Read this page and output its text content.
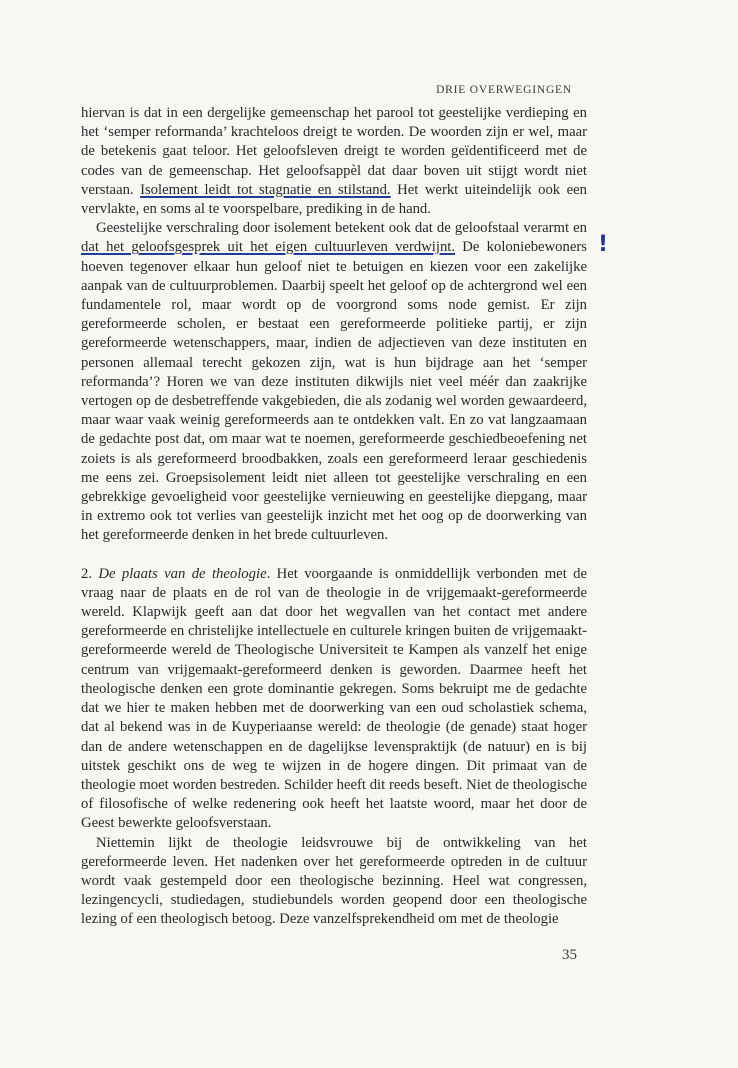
DRIE OVERWEGINGEN

hiervan is dat in een dergelijke gemeenschap het parool tot geestelijke verdieping en het ‘semper reformanda’ krachteloos dreigt te worden. De woorden zijn er wel, maar de betekenis gaat teloor. Het geloofsleven dreigt te worden geïdentificeerd met de codes van de gemeenschap. Het geloofsappèl dat daar boven uit stijgt wordt niet verstaan. Isolement leidt tot stagnatie en stilstand. Het werkt uiteindelijk ook een vervlakte, en soms al te voorspelbare, prediking in de hand.

Geestelijke verschraling door isolement betekent ook dat de geloofstaal verarmt en dat het geloofsgesprek uit het eigen cultuurleven verdwijnt. De koloniebewoners hoeven tegenover elkaar hun geloof niet te betuigen en kiezen voor een zakelijke aanpak van de cultuurproblemen. Daarbij speelt het geloof op de achtergrond wel een fundamentele rol, maar wordt op de voorgrond soms node gemist. Er zijn gereformeerde scholen, er bestaat een gereformeerde politieke partij, er zijn gereformeerde wetenschappers, maar, indien de adjectieven van deze instituten en personen allemaal terecht gekozen zijn, wat is hun bijdrage aan het ‘semper reformanda’? Horen we van deze instituten dikwijls niet veel méér dan zaakrijke vertogen op de desbetreffende vakgebieden, die als zodanig wel worden gewaardeerd, maar waar vaak weinig gereformeerds aan te ontdekken valt. En zo vat langzaamaan de gedachte post dat, om maar wat te noemen, gereformeerde geschiedbeoefening net zoiets is als gereformeerd broodbakken, zoals een gereformeerd leraar geschiedenis me eens zei. Groepsisolement leidt niet alleen tot geestelijke verschraling en een gebrekkige gevoeligheid voor geestelijke vernieuwing en geestelijke diepgang, maar in extremo ook tot verlies van geestelijk inzicht met het oog op de doorwerking van het gereformeerde denken in het brede cultuurleven.

2. De plaats van de theologie. Het voorgaande is onmiddellijk verbonden met de vraag naar de plaats en de rol van de theologie in de vrijgemaakt-gereformeerde wereld. Klapwijk geeft aan dat door het wegvallen van het contact met andere gereformeerde en christelijke intellectuele en culturele kringen buiten de vrijgemaakt-gereformeerde wereld de Theologische Universiteit te Kampen als vanzelf het enige centrum van vrijgemaakt-gereformeerd denken is geworden. Daarmee heeft het theologische denken een grote dominantie gekregen. Soms bekruipt me de gedachte dat we hier te maken hebben met de doorwerking van een oud scholastiek schema, dat al bekend was in de Kuyperiaanse wereld: de theologie (de genade) staat hoger dan de andere wetenschappen en de dagelijkse levenspraktijk (de natuur) en is bij uitstek geschikt ons de weg te wijzen in de hogere dingen. Dit primaat van de theologie moet worden bestreden. Schilder heeft dit reeds beseft. Niet de theologische of filosofische of welke redenering ook heeft het laatste woord, maar het door de Geest bewerkte geloofsverstaan.

Niettemin lijkt de theologie leidsvrouwe bij de ontwikkeling van het gereformeerde leven. Het nadenken over het gereformeerde optreden in de cultuur wordt vaak gestempeld door een theologische bezinning. Heel wat congressen, lezingencycli, studiedagen, studiebundels worden geopend door een theologische lezing of een theologisch betoog. Deze vanzelfsprekendheid om met de theologie

!
35
